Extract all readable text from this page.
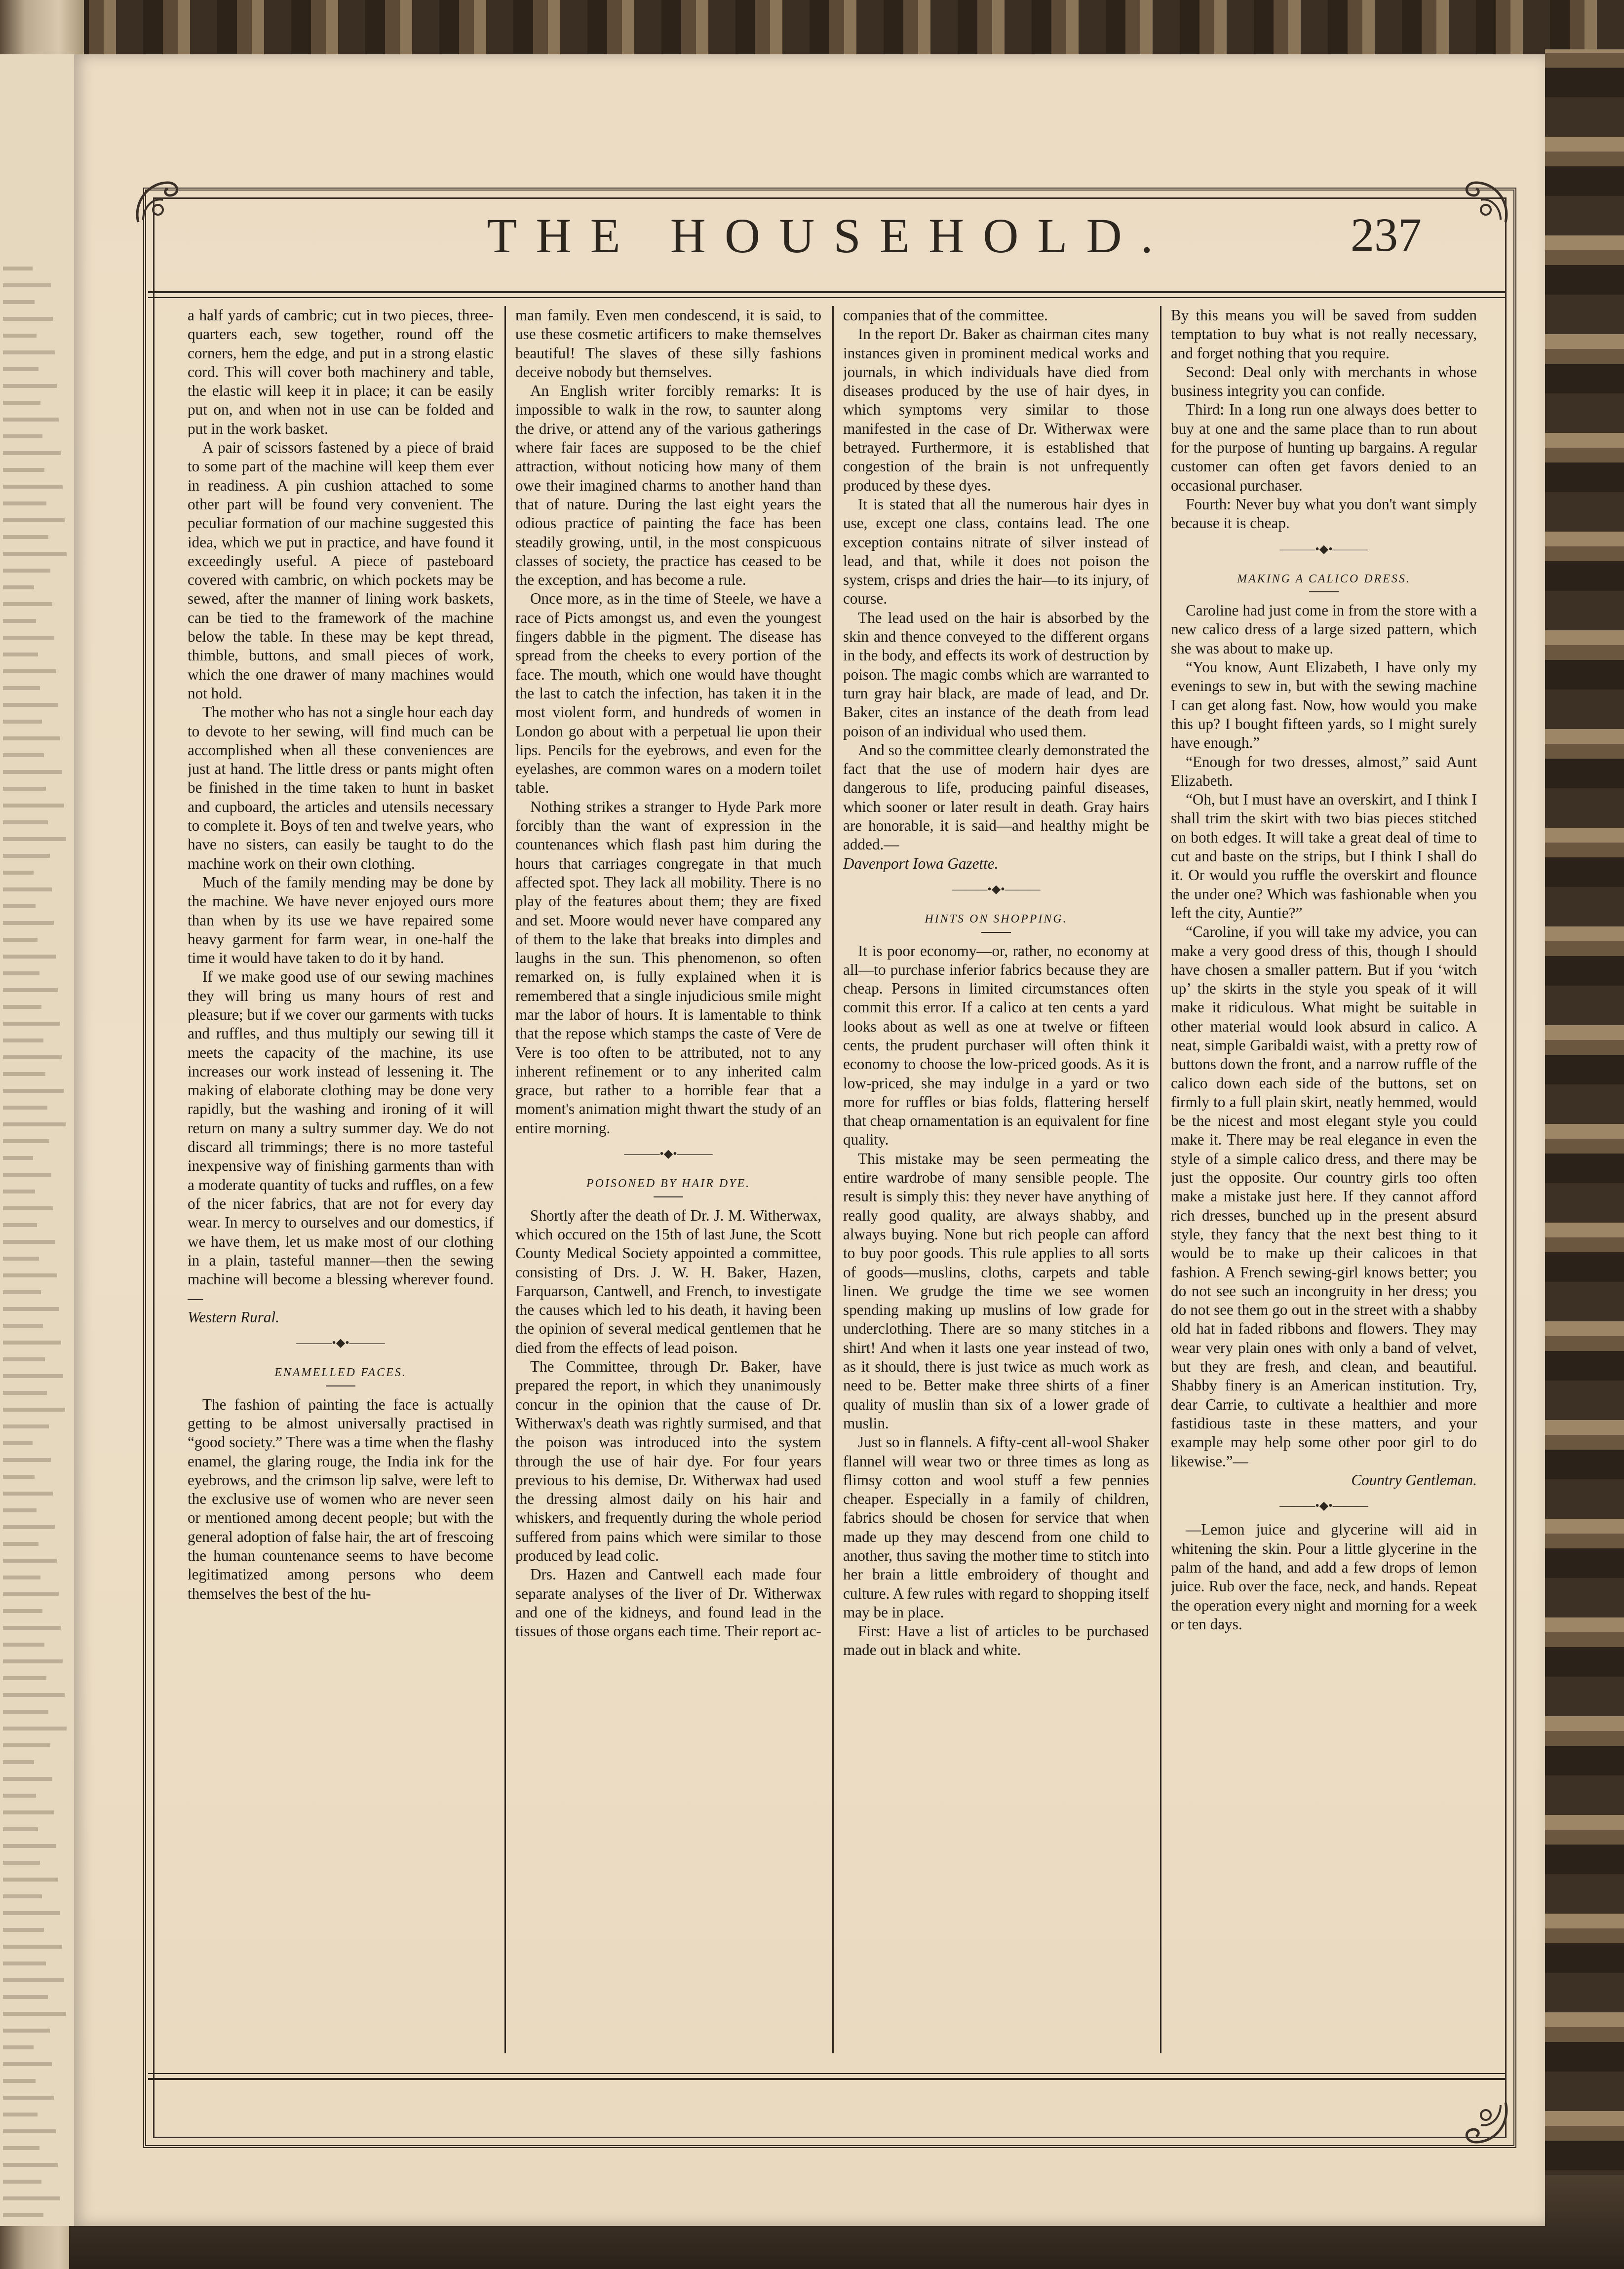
THE HOUSEHOLD.	237

a half yards of cambric; cut in two pieces, three-quarters each, sew together, round off the corners, hem the edge, and put in a strong elastic cord. This will cover both machinery and table, the elastic will keep it in place; it can be easily put on, and when not in use can be folded and put in the work basket.

A pair of scissors fastened by a piece of braid to some part of the machine will keep them ever in readiness. A pin cushion attached to some other part will be found very convenient. The peculiar formation of our machine suggested this idea, which we put in practice, and have found it exceedingly useful. A piece of pasteboard covered with cambric, on which pockets may be sewed, after the manner of lining work baskets, can be tied to the framework of the machine below the table. In these may be kept thread, thimble, buttons, and small pieces of work, which the one drawer of many machines would not hold.

The mother who has not a single hour each day to devote to her sewing, will find much can be accomplished when all these conveniences are just at hand. The little dress or pants might often be finished in the time taken to hunt in basket and cupboard, the articles and utensils necessary to complete it. Boys of ten and twelve years, who have no sisters, can easily be taught to do the machine work on their own clothing.

Much of the family mending may be done by the machine. We have never enjoyed ours more than when by its use we have repaired some heavy garment for farm wear, in one-half the time it would have taken to do it by hand.

If we make good use of our sewing machines they will bring us many hours of rest and pleasure; but if we cover our garments with tucks and ruffles, and thus multiply our sewing till it meets the capacity of the machine, its use increases our work instead of lessening it. The making of elaborate clothing may be done very rapidly, but the washing and ironing of it will return on many a sultry summer day. We do not discard all trimmings; there is no more tasteful inexpensive way of finishing garments than with a moderate quantity of tucks and ruffles, on a few of the nicer fabrics, that are not for every day wear. In mercy to ourselves and our domestics, if we have them, let us make most of our clothing in a plain, tasteful manner—then the sewing machine will become a blessing wherever found.—

Western Rural.

———•◆•———
ENAMELLED FACES.

The fashion of painting the face is actually getting to be almost universally practised in “good society.” There was a time when the flashy enamel, the glaring rouge, the India ink for the eyebrows, and the crimson lip salve, were left to the exclusive use of women who are never seen or mentioned among decent people; but with the general adoption of false hair, the art of frescoing the human countenance seems to have become legitimatized among persons who deem themselves the best of the hu-

man family. Even men condescend, it is said, to use these cosmetic artificers to make themselves beautiful! The slaves of these silly fashions deceive nobody but themselves.

An English writer forcibly remarks: It is impossible to walk in the row, to saunter along the drive, or attend any of the various gatherings where fair faces are supposed to be the chief attraction, without noticing how many of them owe their imagined charms to another hand than that of nature. During the last eight years the odious practice of painting the face has been steadily growing, until, in the most conspicuous classes of society, the practice has ceased to be the exception, and has become a rule.

Once more, as in the time of Steele, we have a race of Picts amongst us, and even the youngest fingers dabble in the pigment. The disease has spread from the cheeks to every portion of the face. The mouth, which one would have thought the last to catch the infection, has taken it in the most violent form, and hundreds of women in London go about with a perpetual lie upon their lips. Pencils for the eyebrows, and even for the eyelashes, are common wares on a modern toilet table.

Nothing strikes a stranger to Hyde Park more forcibly than the want of expression in the countenances which flash past him during the hours that carriages congregate in that much affected spot. They lack all mobility. There is no play of the features about them; they are fixed and set. Moore would never have compared any of them to the lake that breaks into dimples and laughs in the sun. This phenomenon, so often remarked on, is fully explained when it is remembered that a single injudicious smile might mar the labor of hours. It is lamentable to think that the repose which stamps the caste of Vere de Vere is too often to be attributed, not to any inherent refinement or to any inherited calm grace, but rather to a horrible fear that a moment's animation might thwart the study of an entire morning.

———•◆•———
POISONED BY HAIR DYE.

Shortly after the death of Dr. J. M. Witherwax, which occured on the 15th of last June, the Scott County Medical Society appointed a committee, consisting of Drs. J. W. H. Baker, Hazen, Farquarson, Cantwell, and French, to investigate the causes which led to his death, it having been the opinion of several medical gentlemen that he died from the effects of lead poison.

The Committee, through Dr. Baker, have prepared the report, in which they unanimously concur in the opinion that the cause of Dr. Witherwax's death was rightly surmised, and that the poison was introduced into the system through the use of hair dye. For four years previous to his demise, Dr. Witherwax had used the dressing almost daily on his hair and whiskers, and frequently during the whole period suffered from pains which were similar to those produced by lead colic.

Drs. Hazen and Cantwell each made four separate analyses of the liver of Dr. Witherwax and one of the kidneys, and found lead in the tissues of those organs each time. Their report ac-

companies that of the committee.

In the report Dr. Baker as chairman cites many instances given in prominent medical works and journals, in which individuals have died from diseases produced by the use of hair dyes, in which symptoms very similar to those manifested in the case of Dr. Witherwax were betrayed. Furthermore, it is established that congestion of the brain is not unfrequently produced by these dyes.

It is stated that all the numerous hair dyes in use, except one class, contains lead. The one exception contains nitrate of silver instead of lead, and that, while it does not poison the system, crisps and dries the hair—to its injury, of course.

The lead used on the hair is absorbed by the skin and thence conveyed to the different organs in the body, and effects its work of destruction by poison. The magic combs which are warranted to turn gray hair black, are made of lead, and Dr. Baker, cites an instance of the death from lead poison of an individual who used them.

And so the committee clearly demonstrated the fact that the use of modern hair dyes are dangerous to life, producing painful diseases, which sooner or later result in death. Gray hairs are honorable, it is said—and healthy might be added.—

Davenport Iowa Gazette.

———•◆•———
HINTS ON SHOPPING.

It is poor economy—or, rather, no economy at all—to purchase inferior fabrics because they are cheap. Persons in limited circumstances often commit this error. If a calico at ten cents a yard looks about as well as one at twelve or fifteen cents, the prudent purchaser will often think it economy to choose the low-priced goods. As it is low-priced, she may indulge in a yard or two more for ruffles or bias folds, flattering herself that cheap ornamentation is an equivalent for fine quality.

This mistake may be seen permeating the entire wardrobe of many sensible people. The result is simply this: they never have anything of really good quality, are always shabby, and always buying. None but rich people can afford to buy poor goods. This rule applies to all sorts of goods—muslins, cloths, carpets and table linen. We grudge the time we see women spending making up muslins of low grade for underclothing. There are so many stitches in a shirt! And when it lasts one year instead of two, as it should, there is just twice as much work as need to be. Better make three shirts of a finer quality of muslin than six of a lower grade of muslin.

Just so in flannels. A fifty-cent all-wool Shaker flannel will wear two or three times as long as flimsy cotton and wool stuff a few pennies cheaper. Especially in a family of children, fabrics should be chosen for service that when made up they may descend from one child to another, thus saving the mother time to stitch into her brain a little embroidery of thought and culture. A few rules with regard to shopping itself may be in place.

First: Have a list of articles to be purchased made out in black and white.

By this means you will be saved from sudden temptation to buy what is not really necessary, and forget nothing that you require.

Second: Deal only with merchants in whose business integrity you can confide.

Third: In a long run one always does better to buy at one and the same place than to run about for the purpose of hunting up bargains. A regular customer can often get favors denied to an occasional purchaser.

Fourth: Never buy what you don't want simply because it is cheap.

———•◆•———
MAKING A CALICO DRESS.

Caroline had just come in from the store with a new calico dress of a large sized pattern, which she was about to make up.

“You know, Aunt Elizabeth, I have only my evenings to sew in, but with the sewing machine I can get along fast. Now, how would you make this up? I bought fifteen yards, so I might surely have enough.”

“Enough for two dresses, almost,” said Aunt Elizabeth.

“Oh, but I must have an overskirt, and I think I shall trim the skirt with two bias pieces stitched on both edges. It will take a great deal of time to cut and baste on the strips, but I think I shall do it. Or would you ruffle the overskirt and flounce the under one? Which was fashionable when you left the city, Auntie?”

“Caroline, if you will take my advice, you can make a very good dress of this, though I should have chosen a smaller pattern. But if you ‘witch up’ the skirts in the style you speak of it will make it ridiculous. What might be suitable in other material would look absurd in calico. A neat, simple Garibaldi waist, with a pretty row of buttons down the front, and a narrow ruffle of the calico down each side of the buttons, set on firmly to a full plain skirt, neatly hemmed, would be the nicest and most elegant style you could make it. There may be real elegance in even the style of a simple calico dress, and there may be just the opposite. Our country girls too often make a mistake just here. If they cannot afford rich dresses, bunched up in the present absurd style, they fancy that the next best thing to it would be to make up their calicoes in that fashion. A French sewing-girl knows better; you do not see such an incongruity in her dress; you do not see them go out in the street with a shabby old hat in faded ribbons and flowers. They may wear very plain ones with only a band of velvet, but they are fresh, and clean, and beautiful. Shabby finery is an American institution. Try, dear Carrie, to cultivate a healthier and more fastidious taste in these matters, and your example may help some other poor girl to do likewise.”—

Country Gentleman.

———•◆•———

—Lemon juice and glycerine will aid in whitening the skin. Pour a little glycerine in the palm of the hand, and add a few drops of lemon juice. Rub over the face, neck, and hands. Repeat the operation every night and morning for a week or ten days.
